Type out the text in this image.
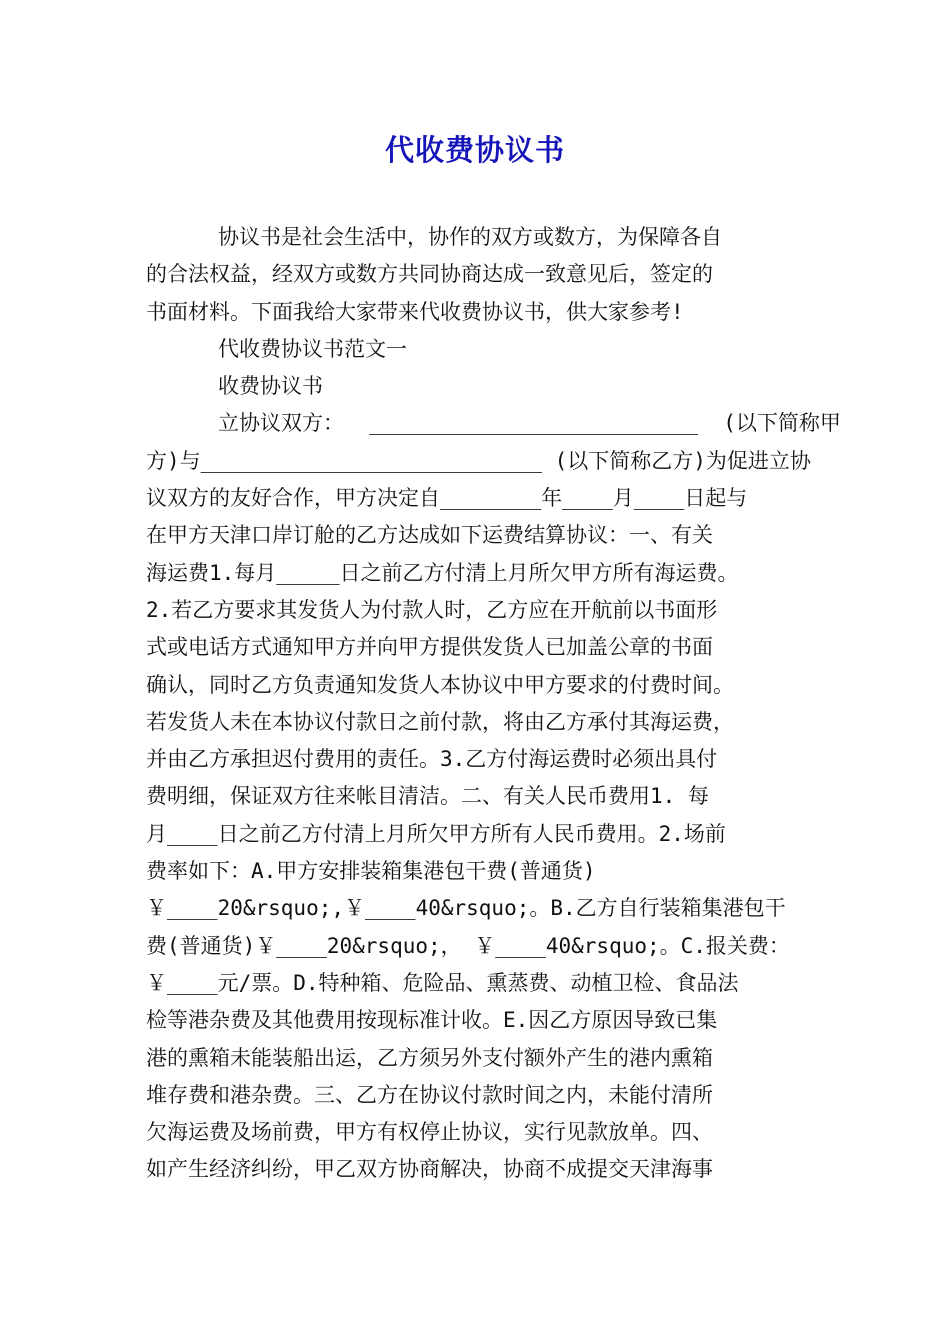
代收费协议书
协议书是社会生活中，协作的双方或数方，为保障各自
的合法权益，经双方或数方共同协商达成一致意见后，签定的
书面材料。下面我给大家带来代收费协议书，供大家参考!
代收费协议书范文一
收费协议书
立协议双方：  __________________________  (以下简称甲
方)与___________________________ (以下简称乙方)为促进立协
议双方的友好合作，甲方决定自________年____月____日起与
在甲方天津口岸订舱的乙方达成如下运费结算协议：一、有关
海运费1.每月_____日之前乙方付清上月所欠甲方所有海运费。
2.若乙方要求其发货人为付款人时，乙方应在开航前以书面形
式或电话方式通知甲方并向甲方提供发货人已加盖公章的书面
确认，同时乙方负责通知发货人本协议中甲方要求的付费时间。
若发货人未在本协议付款日之前付款，将由乙方承付其海运费，
并由乙方承担迟付费用的责任。3.乙方付海运费时必须出具付
费明细，保证双方往来帐目清洁。二、有关人民币费用1. 每
月____日之前乙方付清上月所欠甲方所有人民币费用。2.场前
费率如下：A.甲方安排装箱集港包干费(普通货)
￥____20&rsquo;,￥____40&rsquo;。B.乙方自行装箱集港包干
费(普通货)￥____20&rsquo;， ￥____40&rsquo;。C.报关费：
￥____元/票。D.特种箱、危险品、熏蒸费、动植卫检、食品法
检等港杂费及其他费用按现标准计收。E.因乙方原因导致已集
港的熏箱未能装船出运，乙方须另外支付额外产生的港内熏箱
堆存费和港杂费。三、乙方在协议付款时间之内，未能付清所
欠海运费及场前费，甲方有权停止协议，实行见款放单。四、
如产生经济纠纷，甲乙双方协商解决，协商不成提交天津海事
